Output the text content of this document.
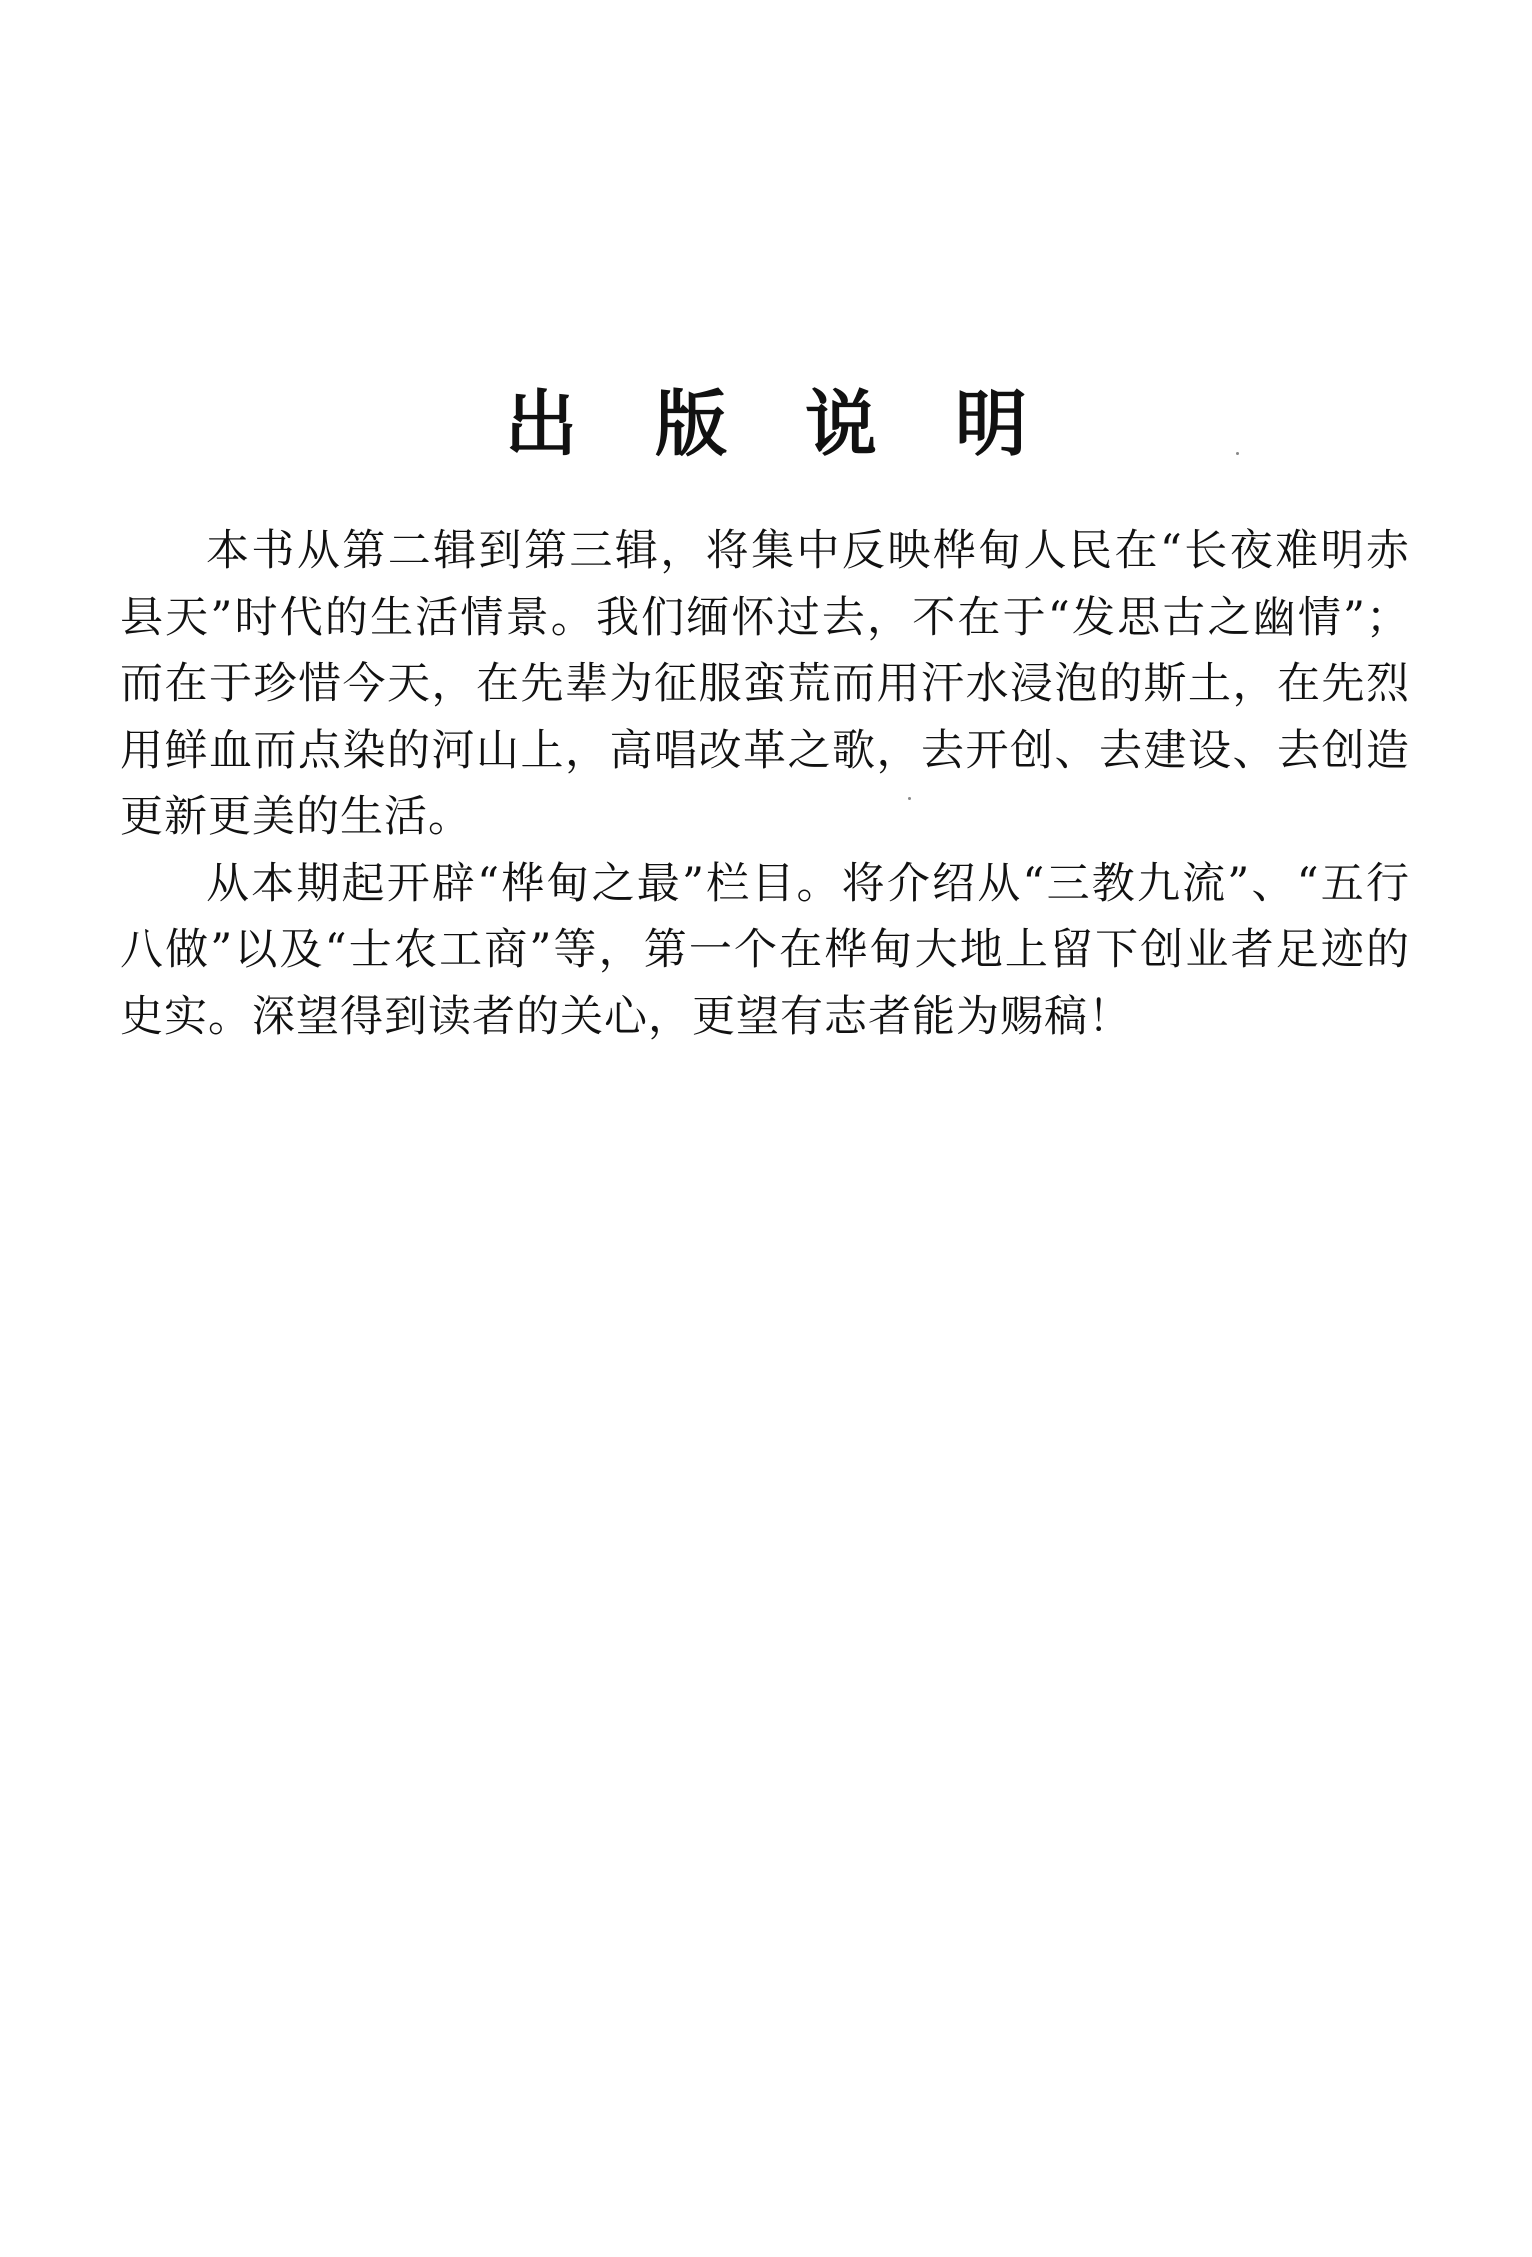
出版说明

本书从第二辑到第三辑，将集中反映桦甸人民在“长夜难明赤县天”时代的生活情景。我们缅怀过去，不在于“发思古之幽情”；而在于珍惜今天，在先辈为征服蛮荒而用汗水浸泡的斯土，在先烈用鲜血而点染的河山上，高唱改革之歌，去开创、去建设、去创造更新更美的生活。

从本期起开辟“桦甸之最”栏目。将介绍从“三教九流”、“五行八做”以及“士农工商”等，第一个在桦甸大地上留下创业者足迹的史实。深望得到读者的关心，更望有志者能为赐稿！
